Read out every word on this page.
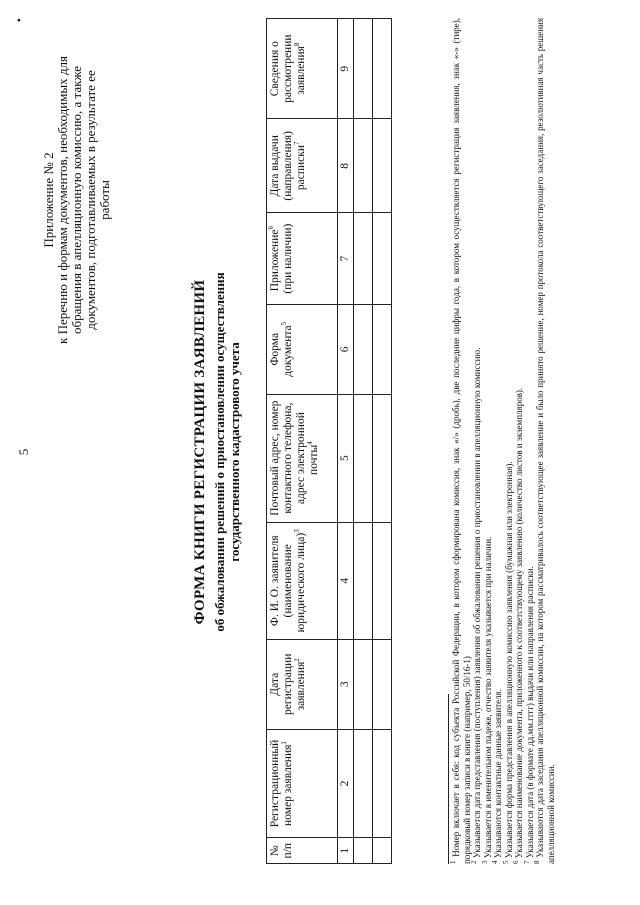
5
•
Приложение № 2 к Перечню и формам документов, необходимых для обращения в апелляционную комиссию, а также документов, подготавливаемых в результате ее работы
ФОРМА КНИГИ РЕГИСТРАЦИИ ЗАЯВЛЕНИЙ об обжаловании решений о приостановлении осуществления государственного кадастрового учета
№ п/п	Регистрационный номер заявления$^1$	Дата регистрации заявления$^2$	Ф. И. О. заявителя (наименование юридического лица)$^3$	Почтовый адрес, номер контактного телефона, адрес электронной почты$^4$	Форма документа$^5$	Приложение$^6$ (при наличии)	Дата выдачи (направления) расписки$^7$	Сведения о рассмотрении заявления$^8$
1	2	3	4	5	6	7	8	9

$^1$ Номер включает в себя: код субъекта Российской Федерации, в котором сформирована комиссия, знак «/» (дробь), две последние цифры года, в котором осуществляется регистрация заявления, знак «-» (тире), порядковый номер записи в книге (например, 50/16-1)
$^2$ Указывается дата представления (поступления) заявления об обжаловании решения о приостановлении в апелляционную комиссию.
$^3$ Указывается в именительном падеже, отчество заявителя указывается при наличии.
$^4$ Указываются контактные данные заявителя.
$^5$ Указывается форма представления в апелляционную комиссию заявления (бумажная или электронная).
$^6$ Указывается наименование документа, приложенного к соответствующему заявлению (количество листов и экземпляров).
$^7$ Указывается дата (в формате дд.мм.гггг) выдачи или направления расписки.
$^8$ Указываются дата заседания апелляционной комиссии, на котором рассматривалось соответствующее заявление и было принято решение, номер протокола соответствующего заседания, резолютивная часть решения апелляционной комиссии.
